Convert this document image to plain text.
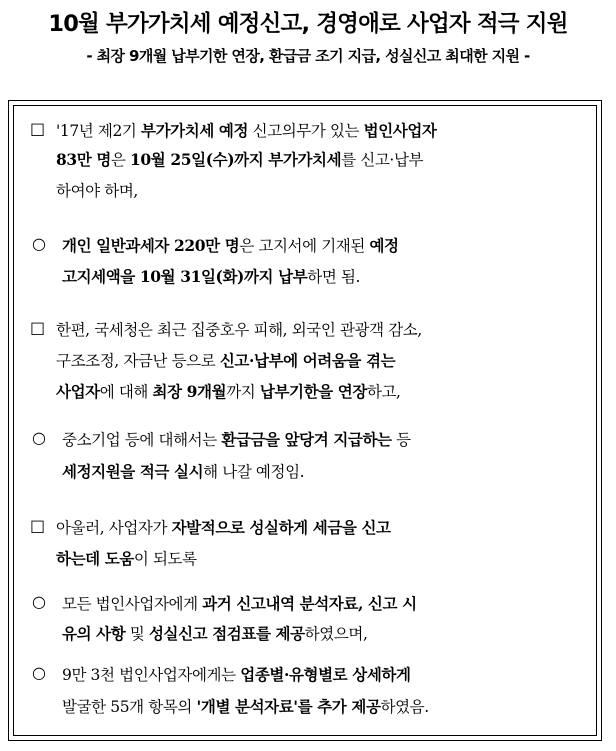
10월 부가가치세 예정신고, 경영애로 사업자 적극 지원
- 최장 9개월 납부기한 연장, 환급금 조기 지급, 성실신고 최대한 지원 -
□ '17년 제2기 부가가치세 예정 신고의무가 있는 법인사업자
83만 명은 10월 25일(수)까지 부가가치세를 신고·납부
하여야 하며,
○ 개인 일반과세자 220만 명은 고지서에 기재된 예정
고지세액을 10월 31일(화)까지 납부하면 됨.
□ 한편, 국세청은 최근 집중호우 피해, 외국인 관광객 감소,
구조조정, 자금난 등으로 신고·납부에 어려움을 겪는
사업자에 대해 최장 9개월까지 납부기한을 연장하고,
○ 중소기업 등에 대해서는 환급금을 앞당겨 지급하는 등
세정지원을 적극 실시해 나갈 예정임.
□ 아울러, 사업자가 자발적으로 성실하게 세금을 신고
하는데 도움이 되도록
○ 모든 법인사업자에게 과거 신고내역 분석자료, 신고 시
유의 사항 및 성실신고 점검표를 제공하였으며,
○ 9만 3천 법인사업자에게는 업종별·유형별로 상세하게
발굴한 55개 항목의 '개별 분석자료'를 추가 제공하였음.
